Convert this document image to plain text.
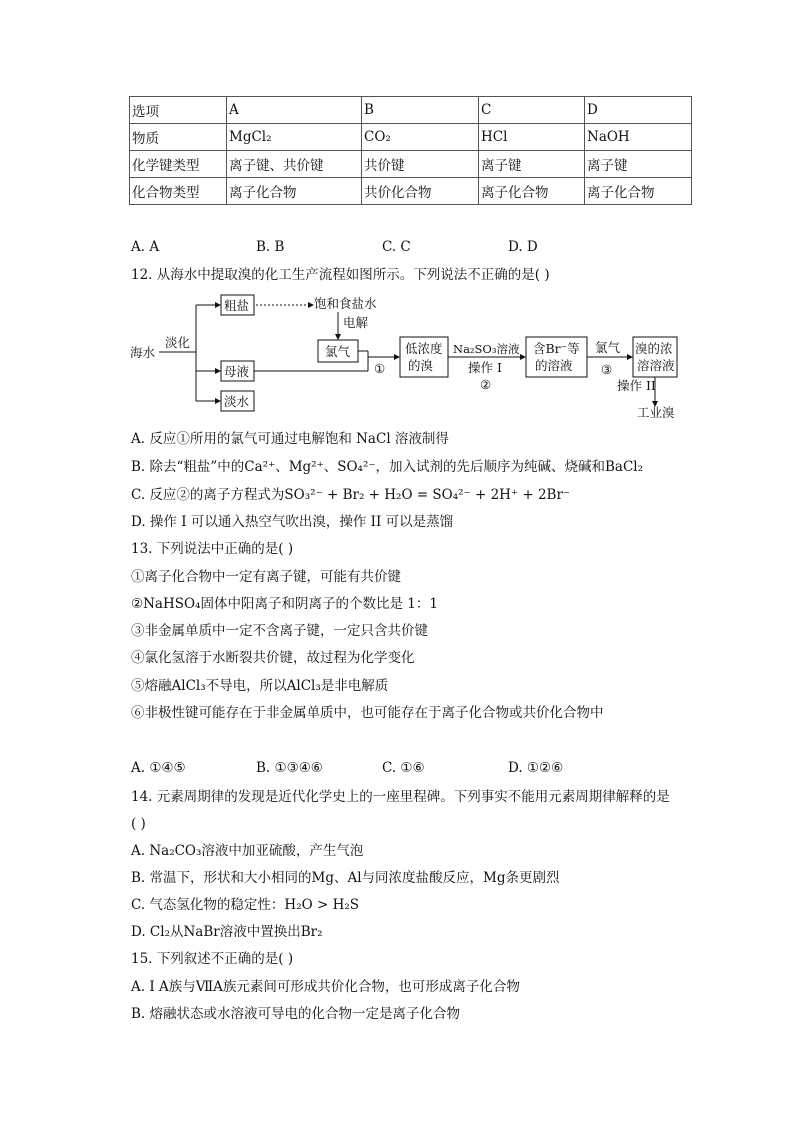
选项	A	B	C	D
物质	MgCl₂	CO₂	HCl	NaOH
化学键类型	离子键、共价键	共价键	离子键	离子键
化合物类型	离子化合物	共价化合物	离子化合物	离子化合物
A. A	B. B	C. C	D. D
12. 从海水中提取溴的化工生产流程如图所示。下列说法不正确的是( )
海水
淡化
粗盐	饱和食盐水
电解
氯气
母液
淡水
①
低浓度
的溴
Na₂SO₃溶液
操作 I
②
含Br⁻等
的溶液
氯气
③
溴的浓
溶溶液
操作 II
工业溴
A. 反应①所用的氯气可通过电解饱和 NaCl 溶液制得
B. 除去“粗盐”中的Ca²⁺、Mg²⁺、SO₄²⁻，加入试剂的先后顺序为纯碱、烧碱和BaCl₂
C. 反应②的离子方程式为SO₃²⁻ + Br₂ + H₂O = SO₄²⁻ + 2H⁺ + 2Br⁻
D. 操作 I 可以通入热空气吹出溴，操作 II 可以是蒸馏
13. 下列说法中正确的是( )
①离子化合物中一定有离子键，可能有共价键
②NaHSO₄固体中阳离子和阴离子的个数比是 1：1
③非金属单质中一定不含离子键，一定只含共价键
④氯化氢溶于水断裂共价键，故过程为化学变化
⑤熔融AlCl₃不导电，所以AlCl₃是非电解质
⑥非极性键可能存在于非金属单质中，也可能存在于离子化合物或共价化合物中
A. ①④⑤	B. ①③④⑥	C. ①⑥	D. ①②⑥
14. 元素周期律的发现是近代化学史上的一座里程碑。下列事实不能用元素周期律解释的是
( )
A. Na₂CO₃溶液中加亚硫酸，产生气泡
B. 常温下，形状和大小相同的Mg、Al与同浓度盐酸反应，Mg条更剧烈
C. 气态氢化物的稳定性：H₂O > H₂S
D. Cl₂从NaBr溶液中置换出Br₂
15. 下列叙述不正确的是( )
A. I A族与ⅦA族元素间可形成共价化合物，也可形成离子化合物
B. 熔融状态或水溶液可导电的化合物一定是离子化合物
